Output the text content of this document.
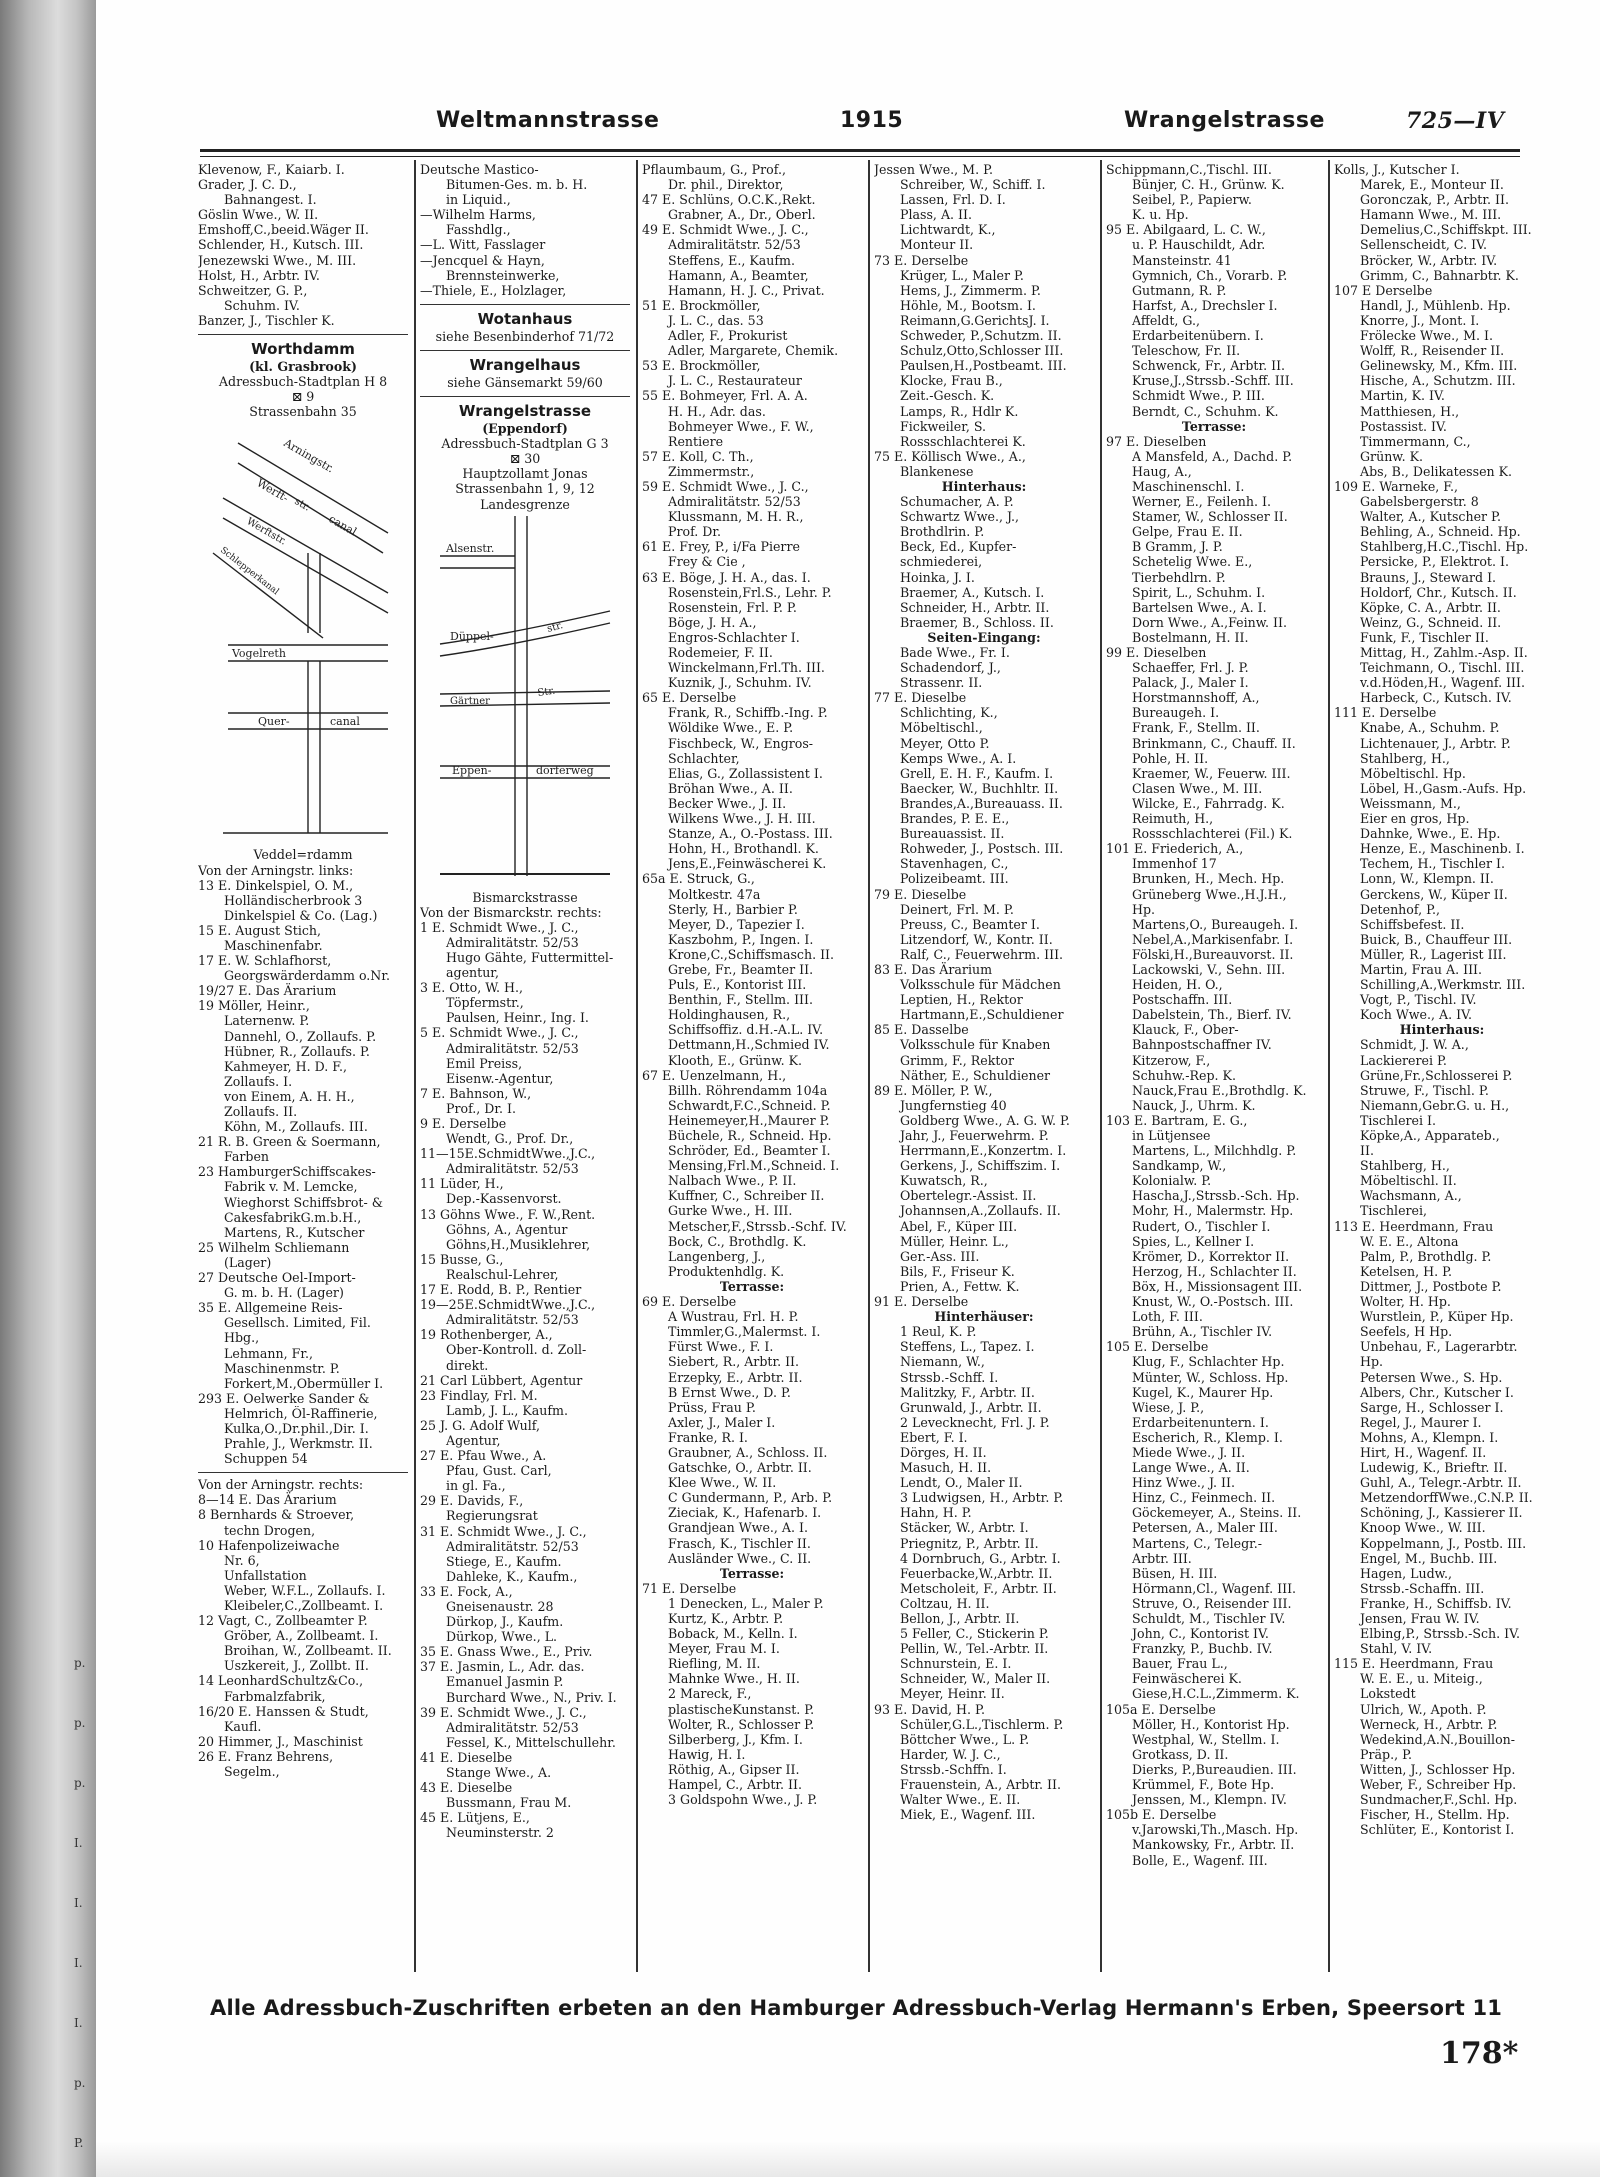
p.
p.
p.
I.
I.
I.
I.
p.
P.
Weltmannstrasse	1915	Wrangelstrasse	725—IV
Klevenow, F., Kaiarb. I.
Grader, J. C. D.,
Bahnangest. I.
Göslin Wwe., W. II.
Emshoff,C.,beeid.Wäger II.
Schlender, H., Kutsch. III.
Jenezewski Wwe., M. III.
Holst, H., Arbtr. IV.
Schweitzer, G. P.,
Schuhm. IV.
Banzer, J., Tischler K.
Worthdamm
(kl. Grasbrook)
Adressbuch-Stadtplan H 8
⊠ 9
Strassenbahn 35
Arningstr.
Werft-
str.
Werftstr.
Schlepperkanal
canal
Vogelreth
Quer-	canal
Veddel=rdamm
Von der Arningstr. links:
13 E. Dinkelspiel, O. M.,
Holländischerbrook 3
Dinkelspiel & Co. (Lag.)
15 E. August Stich,
Maschinenfabr.
17 E. W. Schlafhorst,
Georgswärderdamm o.Nr.
19/27 E. Das Ärarium
19 Möller, Heinr.,
Laternenw. P.
Dannehl, O., Zollaufs. P.
Hübner, R., Zollaufs. P.
Kahmeyer, H. D. F.,
Zollaufs. I.
von Einem, A. H. H.,
Zollaufs. II.
Köhn, M., Zollaufs. III.
21 R. B. Green & Soermann,
Farben
23 HamburgerSchiffscakes-
Fabrik v. M. Lemcke,
Wieghorst Schiffsbrot- &
CakesfabrikG.m.b.H.,
Martens, R., Kutscher
25 Wilhelm Schliemann
(Lager)
27 Deutsche Oel-Import-
G. m. b. H. (Lager)
35 E. Allgemeine Reis-
Gesellsch. Limited, Fil.
Hbg.,
Lehmann, Fr.,
Maschinenmstr. P.
Forkert,M.,Obermüller I.
293 E. Oelwerke Sander &
Helmrich, Öl-Raffinerie,
Kulka,O.,Dr.phil.,Dir. I.
Prahle, J., Werkmstr. II.
Schuppen 54
Von der Arningstr. rechts:
8—14 E. Das Ärarium
8 Bernhards & Stroever,
techn Drogen,
10 Hafenpolizeiwache
Nr. 6,
Unfallstation
Weber, W.F.L., Zollaufs. I.
Kleibeler,C.,Zollbeamt. I.
12 Vagt, C., Zollbeamter P.
Gröber, A., Zollbeamt. I.
Broihan, W., Zollbeamt. II.
Uszkereit, J., Zollbt. II.
14 LeonhardSchultz&Co.,
Farbmalzfabrik,
16/20 E. Hanssen & Studt,
Kaufl.
20 Himmer, J., Maschinist
26 E. Franz Behrens,
Segelm.,
Deutsche Mastico-
Bitumen-Ges. m. b. H.
in Liquid.,
—Wilhelm Harms,
Fasshdlg.,
—L. Witt, Fasslager
—Jencquel & Hayn,
Brennsteinwerke,
—Thiele, E., Holzlager,
Wotanhaus
siehe Besenbinderhof 71/72
Wrangelhaus
siehe Gänsemarkt 59/60
Wrangelstrasse
(Eppendorf)
Adressbuch-Stadtplan G 3
⊠ 30
Hauptzollamt Jonas
Strassenbahn 1, 9, 12
Landesgrenze
Alsenstr.
Düppel-
str.
Gärtner
Str.
Eppen-	dorferweg
Bismarckstrasse
Von der Bismarckstr. rechts:
1 E. Schmidt Wwe., J. C.,
Admiralitätstr. 52/53
Hugo Gähte, Futtermittel-
agentur,
3 E. Otto, W. H.,
Töpfermstr.,
Paulsen, Heinr., Ing. I.
5 E. Schmidt Wwe., J. C.,
Admiralitätstr. 52/53
Emil Preiss,
Eisenw.-Agentur,
7 E. Bahnson, W.,
Prof., Dr. I.
9 E. Derselbe
Wendt, G., Prof. Dr.,
11—15E.SchmidtWwe.,J.C.,
Admiralitätstr. 52/53
11 Lüder, H.,
Dep.-Kassenvorst.
13 Göhns Wwe., F. W.,Rent.
Göhns, A., Agentur
Göhns,H.,Musiklehrer,
15 Busse, G.,
Realschul-Lehrer,
17 E. Rodd, B. P., Rentier
19—25E.SchmidtWwe.,J.C.,
Admiralitätstr. 52/53
19 Rothenberger, A.,
Ober-Kontroll. d. Zoll-
direkt.
21 Carl Lübbert, Agentur
23 Findlay, Frl. M.
Lamb, J. L., Kaufm.
25 J. G. Adolf Wulf,
Agentur,
27 E. Pfau Wwe., A.
Pfau, Gust. Carl,
in gl. Fa.,
29 E. Davids, F.,
Regierungsrat
31 E. Schmidt Wwe., J. C.,
Admiralitätstr. 52/53
Stiege, E., Kaufm.
Dahleke, K., Kaufm.,
33 E. Fock, A.,
Gneisenaustr. 28
Dürkop, J., Kaufm.
Dürkop, Wwe., L.
35 E. Gnass Wwe., E., Priv.
37 E. Jasmin, L., Adr. das.
Emanuel Jasmin P.
Burchard Wwe., N., Priv. I.
39 E. Schmidt Wwe., J. C.,
Admiralitätstr. 52/53
Fessel, K., Mittelschullehr.
41 E. Dieselbe
Stange Wwe., A.
43 E. Dieselbe
Bussmann, Frau M.
45 E. Lütjens, E.,
Neuminsterstr. 2
Pflaumbaum, G., Prof.,
Dr. phil., Direktor,
47 E. Schlüns, O.C.K.,Rekt.
Grabner, A., Dr., Oberl.
49 E. Schmidt Wwe., J. C.,
Admiralitätstr. 52/53
Steffens, E., Kaufm.
Hamann, A., Beamter,
Hamann, H. J. C., Privat.
51 E. Brockmöller,
J. L. C., das. 53
Adler, F., Prokurist
Adler, Margarete, Chemik.
53 E. Brockmöller,
J. L. C., Restaurateur
55 E. Bohmeyer, Frl. A. A.
H. H., Adr. das.
Bohmeyer Wwe., F. W.,
Rentiere
57 E. Koll, C. Th.,
Zimmermstr.,
59 E. Schmidt Wwe., J. C.,
Admiralitätstr. 52/53
Klussmann, M. H. R.,
Prof. Dr.
61 E. Frey, P., i/Fa Pierre
Frey & Cie ,
63 E. Böge, J. H. A., das. I.
Rosenstein,Frl.S., Lehr. P.
Rosenstein, Frl. P. P.
Böge, J. H. A.,
Engros-Schlachter I.
Rodemeier, F. II.
Winckelmann,Frl.Th. III.
Kuznik, J., Schuhm. IV.
65 E. Derselbe
Frank, R., Schiffb.-Ing. P.
Wöldike Wwe., E. P.
Fischbeck, W., Engros-
Schlachter,
Elias, G., Zollassistent I.
Bröhan Wwe., A. II.
Becker Wwe., J. II.
Wilkens Wwe., J. H. III.
Stanze, A., O.-Postass. III.
Hohn, H., Brothandl. K.
Jens,E.,Feinwäscherei K.
65a E. Struck, G.,
Moltkestr. 47a
Sterly, H., Barbier P.
Meyer, D., Tapezier I.
Kaszbohm, P., Ingen. I.
Krone,C.,Schiffsmasch. II.
Grebe, Fr., Beamter II.
Puls, E., Kontorist III.
Benthin, F., Stellm. III.
Holdinghausen, R.,
Schiffsoffiz. d.H.-A.L. IV.
Dettmann,H.,Schmied IV.
Klooth, E., Grünw. K.
67 E. Uenzelmann, H.,
Billh. Röhrendamm 104a
Schwardt,F.C.,Schneid. P.
Heinemeyer,H.,Maurer P.
Büchele, R., Schneid. Hp.
Schröder, Ed., Beamter I.
Mensing,Frl.M.,Schneid. I.
Nalbach Wwe., P. II.
Kuffner, C., Schreiber II.
Gurke Wwe., H. III.
Metscher,F.,Strssb.-Schf. IV.
Bock, C., Brothdlg. K.
Langenberg, J.,
Produktenhdlg. K.
Terrasse:
69 E. Derselbe
A Wustrau, Frl. H. P.
Timmler,G.,Malermst. I.
Fürst Wwe., F. I.
Siebert, R., Arbtr. II.
Erzepky, E., Arbtr. II.
B Ernst Wwe., D. P.
Prüss, Frau P.
Axler, J., Maler I.
Franke, R. I.
Graubner, A., Schloss. II.
Gatschke, O., Arbtr. II.
Klee Wwe., W. II.
C Gundermann, P., Arb. P.
Zieciak, K., Hafenarb. I.
Grandjean Wwe., A. I.
Frasch, K., Tischler II.
Ausländer Wwe., C. II.
Terrasse:
71 E. Derselbe
1 Denecken, L., Maler P.
Kurtz, K., Arbtr. P.
Boback, M., Kelln. I.
Meyer, Frau M. I.
Riefling, M. II.
Mahnke Wwe., H. II.
2 Mareck, F.,
plastischeKunstanst. P.
Wolter, R., Schlosser P.
Silberberg, J., Kfm. I.
Hawig, H. I.
Röthig, A., Gipser II.
Hampel, C., Arbtr. II.
3 Goldspohn Wwe., J. P.
Jessen Wwe., M. P.
Schreiber, W., Schiff. I.
Lassen, Frl. D. I.
Plass, A. II.
Lichtwardt, K.,
Monteur II.
73 E. Derselbe
Krüger, L., Maler P.
Hems, J., Zimmerm. P.
Höhle, M., Bootsm. I.
Reimann,G.GerichtsJ. I.
Schweder, P.,Schutzm. II.
Schulz,Otto,Schlosser III.
Paulsen,H.,Postbeamt. III.
Klocke, Frau B.,
Zeit.-Gesch. K.
Lamps, R., Hdlr K.
Fickweiler, S.
Rossschlachterei K.
75 E. Köllisch Wwe., A.,
Blankenese
Hinterhaus:
Schumacher, A. P.
Schwartz Wwe., J.,
Brothdlrin. P.
Beck, Ed., Kupfer-
schmiederei,
Hoinka, J. I.
Braemer, A., Kutsch. I.
Schneider, H., Arbtr. II.
Braemer, B., Schloss. II.
Seiten-Eingang:
Bade Wwe., Fr. I.
Schadendorf, J.,
Strassenr. II.
77 E. Dieselbe
Schlichting, K.,
Möbeltischl.,
Meyer, Otto P.
Kemps Wwe., A. I.
Grell, E. H. F., Kaufm. I.
Baecker, W., Buchhltr. II.
Brandes,A.,Bureauass. II.
Brandes, P. E. E.,
Bureauassist. II.
Rohweder, J., Postsch. III.
Stavenhagen, C.,
Polizeibeamt. III.
79 E. Dieselbe
Deinert, Frl. M. P.
Preuss, C., Beamter I.
Litzendorf, W., Kontr. II.
Ralf, C., Feuerwehrm. III.
83 E. Das Ärarium
Volksschule für Mädchen
Leptien, H., Rektor
Hartmann,E.,Schuldiener
85 E. Dasselbe
Volksschule für Knaben
Grimm, F., Rektor
Näther, E., Schuldiener
89 E. Möller, P. W.,
Jungfernstieg 40
Goldberg Wwe., A. G. W. P.
Jahr, J., Feuerwehrm. P.
Herrmann,E.,Konzertm. I.
Gerkens, J., Schiffszim. I.
Kuwatsch, R.,
Obertelegr.-Assist. II.
Johannsen,A.,Zollaufs. II.
Abel, F., Küper III.
Müller, Heinr. L.,
Ger.-Ass. III.
Bils, F., Friseur K.
Prien, A., Fettw. K.
91 E. Derselbe
Hinterhäuser:
1 Reul, K. P.
Steffens, L., Tapez. I.
Niemann, W.,
Strssb.-Schff. I.
Malitzky, F., Arbtr. II.
Grunwald, J., Arbtr. II.
2 Levecknecht, Frl. J. P.
Ebert, F. I.
Dörges, H. II.
Masuch, H. II.
Lendt, O., Maler II.
3 Ludwigsen, H., Arbtr. P.
Hahn, H. P.
Stäcker, W., Arbtr. I.
Priegnitz, P., Arbtr. II.
4 Dornbruch, G., Arbtr. I.
Feuerbacke,W.,Arbtr. II.
Metscholeit, F., Arbtr. II.
Coltzau, H. II.
Bellon, J., Arbtr. II.
5 Feller, C., Stickerin P.
Pellin, W., Tel.-Arbtr. II.
Schnurstein, E. I.
Schneider, W., Maler II.
Meyer, Heinr. II.
93 E. David, H. P.
Schüler,G.L.,Tischlerm. P.
Böttcher Wwe., L. P.
Harder, W. J. C.,
Strssb.-Schffn. I.
Frauenstein, A., Arbtr. II.
Walter Wwe., E. II.
Miek, E., Wagenf. III.
Schippmann,C.,Tischl. III.
Bünjer, C. H., Grünw. K.
Seibel, P., Papierw.
K. u. Hp.
95 E. Abilgaard, L. C. W.,
u. P. Hauschildt, Adr.
Mansteinstr. 41
Gymnich, Ch., Vorarb. P.
Gutmann, R. P.
Harfst, A., Drechsler I.
Affeldt, G.,
Erdarbeitenübern. I.
Teleschow, Fr. II.
Schwenck, Fr., Arbtr. II.
Kruse,J.,Strssb.-Schff. III.
Schmidt Wwe., P. III.
Berndt, C., Schuhm. K.
Terrasse:
97 E. Dieselben
A Mansfeld, A., Dachd. P.
Haug, A.,
Maschinenschl. I.
Werner, E., Feilenh. I.
Stamer, W., Schlosser II.
Gelpe, Frau E. II.
B Gramm, J. P.
Schetelig Wwe. E.,
Tierbehdlrn. P.
Spirit, L., Schuhm. I.
Bartelsen Wwe., A. I.
Dorn Wwe., A.,Feinw. II.
Bostelmann, H. II.
99 E. Dieselben
Schaeffer, Frl. J. P.
Palack, J., Maler I.
Horstmannshoff, A.,
Bureaugeh. I.
Frank, F., Stellm. II.
Brinkmann, C., Chauff. II.
Pohle, H. II.
Kraemer, W., Feuerw. III.
Clasen Wwe., M. III.
Wilcke, E., Fahrradg. K.
Reimuth, H.,
Rossschlachterei (Fil.) K.
101 E. Friederich, A.,
Immenhof 17
Brunken, H., Mech. Hp.
Grüneberg Wwe.,H.J.H.,
Hp.
Martens,O., Bureaugeh. I.
Nebel,A.,Markisenfabr. I.
Fölski,H.,Bureauvorst. II.
Lackowski, V., Sehn. III.
Heiden, H. O.,
Postschaffn. III.
Dabelstein, Th., Bierf. IV.
Klauck, F., Ober-
Bahnpostschaffner IV.
Kitzerow, F.,
Schuhw.-Rep. K.
Nauck,Frau E.,Brothdlg. K.
Nauck, J., Uhrm. K.
103 E. Bartram, E. G.,
in Lütjensee
Martens, L., Milchhdlg. P.
Sandkamp, W.,
Kolonialw. P.
Hascha,J.,Strssb.-Sch. Hp.
Mohr, H., Malermstr. Hp.
Rudert, O., Tischler I.
Spies, L., Kellner I.
Krömer, D., Korrektor II.
Herzog, H., Schlachter II.
Böx, H., Missionsagent III.
Knust, W., O.-Postsch. III.
Loth, F. III.
Brühn, A., Tischler IV.
105 E. Derselbe
Klug, F., Schlachter Hp.
Münter, W., Schloss. Hp.
Kugel, K., Maurer Hp.
Wiese, J. P.,
Erdarbeitenuntern. I.
Escherich, R., Klemp. I.
Miede Wwe., J. II.
Lange Wwe., A. II.
Hinz Wwe., J. II.
Hinz, C., Feinmech. II.
Göckemeyer, A., Steins. II.
Petersen, A., Maler III.
Martens, C., Telegr.-
Arbtr. III.
Büsen, H. III.
Hörmann,Cl., Wagenf. III.
Struve, O., Reisender III.
Schuldt, M., Tischler IV.
John, C., Kontorist IV.
Franzky, P., Buchb. IV.
Bauer, Frau L.,
Feinwäscherei K.
Giese,H.C.L.,Zimmerm. K.
105a E. Derselbe
Möller, H., Kontorist Hp.
Westphal, W., Stellm. I.
Grotkass, D. II.
Dierks, P.,Bureaudien. III.
Krümmel, F., Bote Hp.
Jenssen, M., Klempn. IV.
105b E. Derselbe
v.Jarowski,Th.,Masch. Hp.
Mankowsky, Fr., Arbtr. II.
Bolle, E., Wagenf. III.
Kolls, J., Kutscher I.
Marek, E., Monteur II.
Goronczak, P., Arbtr. II.
Hamann Wwe., M. III.
Demelius,C.,Schiffskpt. III.
Sellenscheidt, C. IV.
Bröcker, W., Arbtr. IV.
Grimm, C., Bahnarbtr. K.
107 E Derselbe
Handl, J., Mühlenb. Hp.
Knorre, J., Mont. I.
Frölecke Wwe., M. I.
Wolff, R., Reisender II.
Gelinewsky, M., Kfm. III.
Hische, A., Schutzm. III.
Martin, K. IV.
Matthiesen, H.,
Postassist. IV.
Timmermann, C.,
Grünw. K.
Abs, B., Delikatessen K.
109 E. Warneke, F.,
Gabelsbergerstr. 8
Walter, A., Kutscher P.
Behling, A., Schneid. Hp.
Stahlberg,H.C.,Tischl. Hp.
Persicke, P., Elektrot. I.
Brauns, J., Steward I.
Holdorf, Chr., Kutsch. II.
Köpke, C. A., Arbtr. II.
Weinz, G., Schneid. II.
Funk, F., Tischler II.
Mittag, H., Zahlm.-Asp. II.
Teichmann, O., Tischl. III.
v.d.Höden,H., Wagenf. III.
Harbeck, C., Kutsch. IV.
111 E. Derselbe
Knabe, A., Schuhm. P.
Lichtenauer, J., Arbtr. P.
Stahlberg, H.,
Möbeltischl. Hp.
Löbel, H.,Gasm.-Aufs. Hp.
Weissmann, M.,
Eier en gros, Hp.
Dahnke, Wwe., E. Hp.
Henze, E., Maschinenb. I.
Techem, H., Tischler I.
Lonn, W., Klempn. II.
Gerckens, W., Küper II.
Detenhof, P.,
Schiffsbefest. II.
Buick, B., Chauffeur III.
Müller, R., Lagerist III.
Martin, Frau A. III.
Schilling,A.,Werkmstr. III.
Vogt, P., Tischl. IV.
Koch Wwe., A. IV.
Hinterhaus:
Schmidt, J. W. A.,
Lackiererei P.
Grüne,Fr.,Schlosserei P.
Struwe, F., Tischl. P.
Niemann,Gebr.G. u. H.,
Tischlerei I.
Köpke,A., Apparateb.,
II.
Stahlberg, H.,
Möbeltischl. II.
Wachsmann, A.,
Tischlerei,
113 E. Heerdmann, Frau
W. E. E., Altona
Palm, P., Brothdlg. P.
Ketelsen, H. P.
Dittmer, J., Postbote P.
Wolter, H. Hp.
Wurstlein, P., Küper Hp.
Seefels, H Hp.
Unbehau, F., Lagerarbtr.
Hp.
Petersen Wwe., S. Hp.
Albers, Chr., Kutscher I.
Sarge, H., Schlosser I.
Regel, J., Maurer I.
Mohns, A., Klempn. I.
Hirt, H., Wagenf. II.
Ludewig, K., Brieftr. II.
Guhl, A., Telegr.-Arbtr. II.
MetzendorffWwe.,C.N.P. II.
Schöning, J., Kassierer II.
Knoop Wwe., W. III.
Koppelmann, J., Postb. III.
Engel, M., Buchb. III.
Hagen, Ludw.,
Strssb.-Schaffn. III.
Franke, H., Schiffsb. IV.
Jensen, Frau W. IV.
Elbing,P., Strssb.-Sch. IV.
Stahl, V. IV.
115 E. Heerdmann, Frau
W. E. E., u. Miteig.,
Lokstedt
Ulrich, W., Apoth. P.
Werneck, H., Arbtr. P.
Wedekind,A.N.,Bouillon-
Präp., P.
Witten, J., Schlosser Hp.
Weber, F., Schreiber Hp.
Sundmacher,F.,Schl. Hp.
Fischer, H., Stellm. Hp.
Schlüter, E., Kontorist I.
Alle Adressbuch-Zuschriften erbeten an den Hamburger Adressbuch-Verlag Hermann's Erben, Speersort 11
178*
